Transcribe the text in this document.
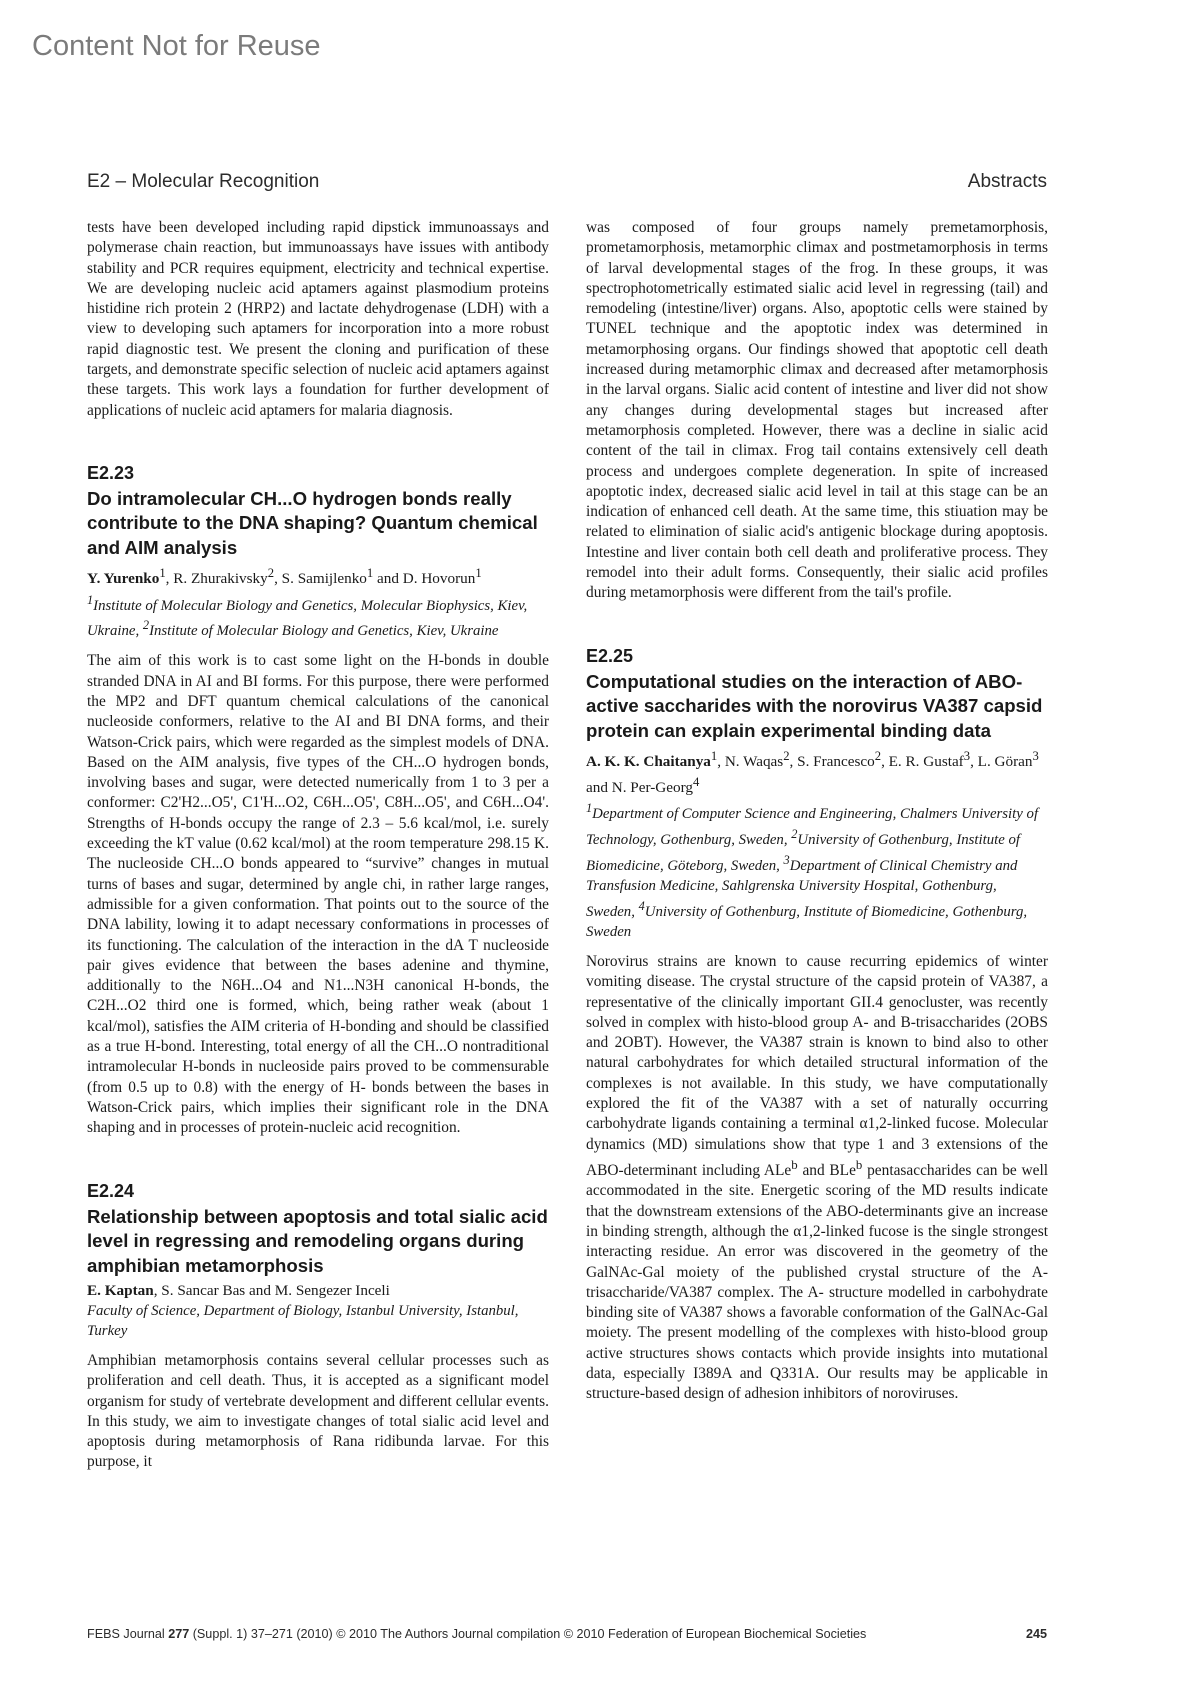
Content Not for Reuse
E2 – Molecular Recognition	Abstracts

tests have been developed including rapid dipstick immunoassays and polymerase chain reaction, but immunoassays have issues with antibody stability and PCR requires equipment, electricity and technical expertise. We are developing nucleic acid aptamers against plasmodium proteins histidine rich protein 2 (HRP2) and lactate dehydrogenase (LDH) with a view to developing such aptamers for incorporation into a more robust rapid diagnostic test. We present the cloning and purification of these targets, and demonstrate specific selection of nucleic acid aptamers against these targets. This work lays a foundation for further development of applications of nucleic acid aptamers for malaria diagnosis.

E2.23
Do intramolecular CH...O hydrogen bonds really contribute to the DNA shaping? Quantum chemical and AIM analysis
Y. Yurenko$^1$, R. Zhurakivsky$^2$, S. Samijlenko$^1$ and D. Hovorun$^1$
$^1$Institute of Molecular Biology and Genetics, Molecular Biophysics, Kiev, Ukraine, $^2$Institute of Molecular Biology and Genetics, Kiev, Ukraine

The aim of this work is to cast some light on the H-bonds in double stranded DNA in AI and BI forms. For this purpose, there were performed the MP2 and DFT quantum chemical calculations of the canonical nucleoside conformers, relative to the AI and BI DNA forms, and their Watson-Crick pairs, which were regarded as the simplest models of DNA. Based on the AIM analysis, five types of the CH...O hydrogen bonds, involving bases and sugar, were detected numerically from 1 to 3 per a conformer: C2'H2...O5', C1'H...O2, C6H...O5', C8H...O5', and C6H...O4'. Strengths of H-bonds occupy the range of 2.3 – 5.6 kcal/mol, i.e. surely exceeding the kT value (0.62 kcal/mol) at the room temperature 298.15 K. The nucleoside CH...O bonds appeared to “survive” changes in mutual turns of bases and sugar, determined by angle chi, in rather large ranges, admissible for a given conformation. That points out to the source of the DNA lability, lowing it to adapt necessary conformations in processes of its functioning. The calculation of the interaction in the dA T nucleoside pair gives evidence that between the bases adenine and thymine, additionally to the N6H...O4 and N1...N3H canonical H-bonds, the C2H...O2 third one is formed, which, being rather weak (about 1 kcal/mol), satisfies the AIM criteria of H-bonding and should be classified as a true H-bond. Interesting, total energy of all the CH...O nontraditional intramolecular H-bonds in nucleoside pairs proved to be commensurable (from 0.5 up to 0.8) with the energy of H- bonds between the bases in Watson-Crick pairs, which implies their significant role in the DNA shaping and in processes of protein-nucleic acid recognition.

E2.24
Relationship between apoptosis and total sialic acid level in regressing and remodeling organs during amphibian metamorphosis
E. Kaptan, S. Sancar Bas and M. Sengezer Inceli
Faculty of Science, Department of Biology, Istanbul University, Istanbul, Turkey

Amphibian metamorphosis contains several cellular processes such as proliferation and cell death. Thus, it is accepted as a significant model organism for study of vertebrate development and different cellular events. In this study, we aim to investigate changes of total sialic acid level and apoptosis during metamorphosis of Rana ridibunda larvae. For this purpose, it

was composed of four groups namely premetamorphosis, prometamorphosis, metamorphic climax and postmetamorphosis in terms of larval developmental stages of the frog. In these groups, it was spectrophotometrically estimated sialic acid level in regressing (tail) and remodeling (intestine/liver) organs. Also, apoptotic cells were stained by TUNEL technique and the apoptotic index was determined in metamorphosing organs. Our findings showed that apoptotic cell death increased during metamorphic climax and decreased after metamorphosis in the larval organs. Sialic acid content of intestine and liver did not show any changes during developmental stages but increased after metamorphosis completed. However, there was a decline in sialic acid content of the tail in climax. Frog tail contains extensively cell death process and undergoes complete degeneration. In spite of increased apoptotic index, decreased sialic acid level in tail at this stage can be an indication of enhanced cell death. At the same time, this stiuation may be related to elimination of sialic acid's antigenic blockage during apoptosis. Intestine and liver contain both cell death and proliferative process. They remodel into their adult forms. Consequently, their sialic acid profiles during metamorphosis were different from the tail's profile.

E2.25
Computational studies on the interaction of ABO-active saccharides with the norovirus VA387 capsid protein can explain experimental binding data
A. K. K. Chaitanya$^1$, N. Waqas$^2$, S. Francesco$^2$, E. R. Gustaf$^3$, L. Göran$^3$ and N. Per-Georg$^4$
$^1$Department of Computer Science and Engineering, Chalmers University of Technology, Gothenburg, Sweden, $^2$University of Gothenburg, Institute of Biomedicine, Göteborg, Sweden, $^3$Department of Clinical Chemistry and Transfusion Medicine, Sahlgrenska University Hospital, Gothenburg, Sweden, $^4$University of Gothenburg, Institute of Biomedicine, Gothenburg, Sweden

Norovirus strains are known to cause recurring epidemics of winter vomiting disease. The crystal structure of the capsid protein of VA387, a representative of the clinically important GII.4 genocluster, was recently solved in complex with histo-blood group A- and B-trisaccharides (2OBS and 2OBT). However, the VA387 strain is known to bind also to other natural carbohydrates for which detailed structural information of the complexes is not available. In this study, we have computationally explored the fit of the VA387 with a set of naturally occurring carbohydrate ligands containing a terminal α1,2-linked fucose. Molecular dynamics (MD) simulations show that type 1 and 3 extensions of the ABO-determinant including ALe$^b$ and BLe$^b$ pentasaccharides can be well accommodated in the site. Energetic scoring of the MD results indicate that the downstream extensions of the ABO-determinants give an increase in binding strength, although the α1,2-linked fucose is the single strongest interacting residue. An error was discovered in the geometry of the GalNAc-Gal moiety of the published crystal structure of the A-trisaccharide/VA387 complex. The A- structure modelled in carbohydrate binding site of VA387 shows a favorable conformation of the GalNAc-Gal moiety. The present modelling of the complexes with histo-blood group active structures shows contacts which provide insights into mutational data, especially I389A and Q331A. Our results may be applicable in structure-based design of adhesion inhibitors of noroviruses.

FEBS Journal 277 (Suppl. 1) 37–271 (2010) © 2010 The Authors Journal compilation © 2010 Federation of European Biochemical Societies	245
